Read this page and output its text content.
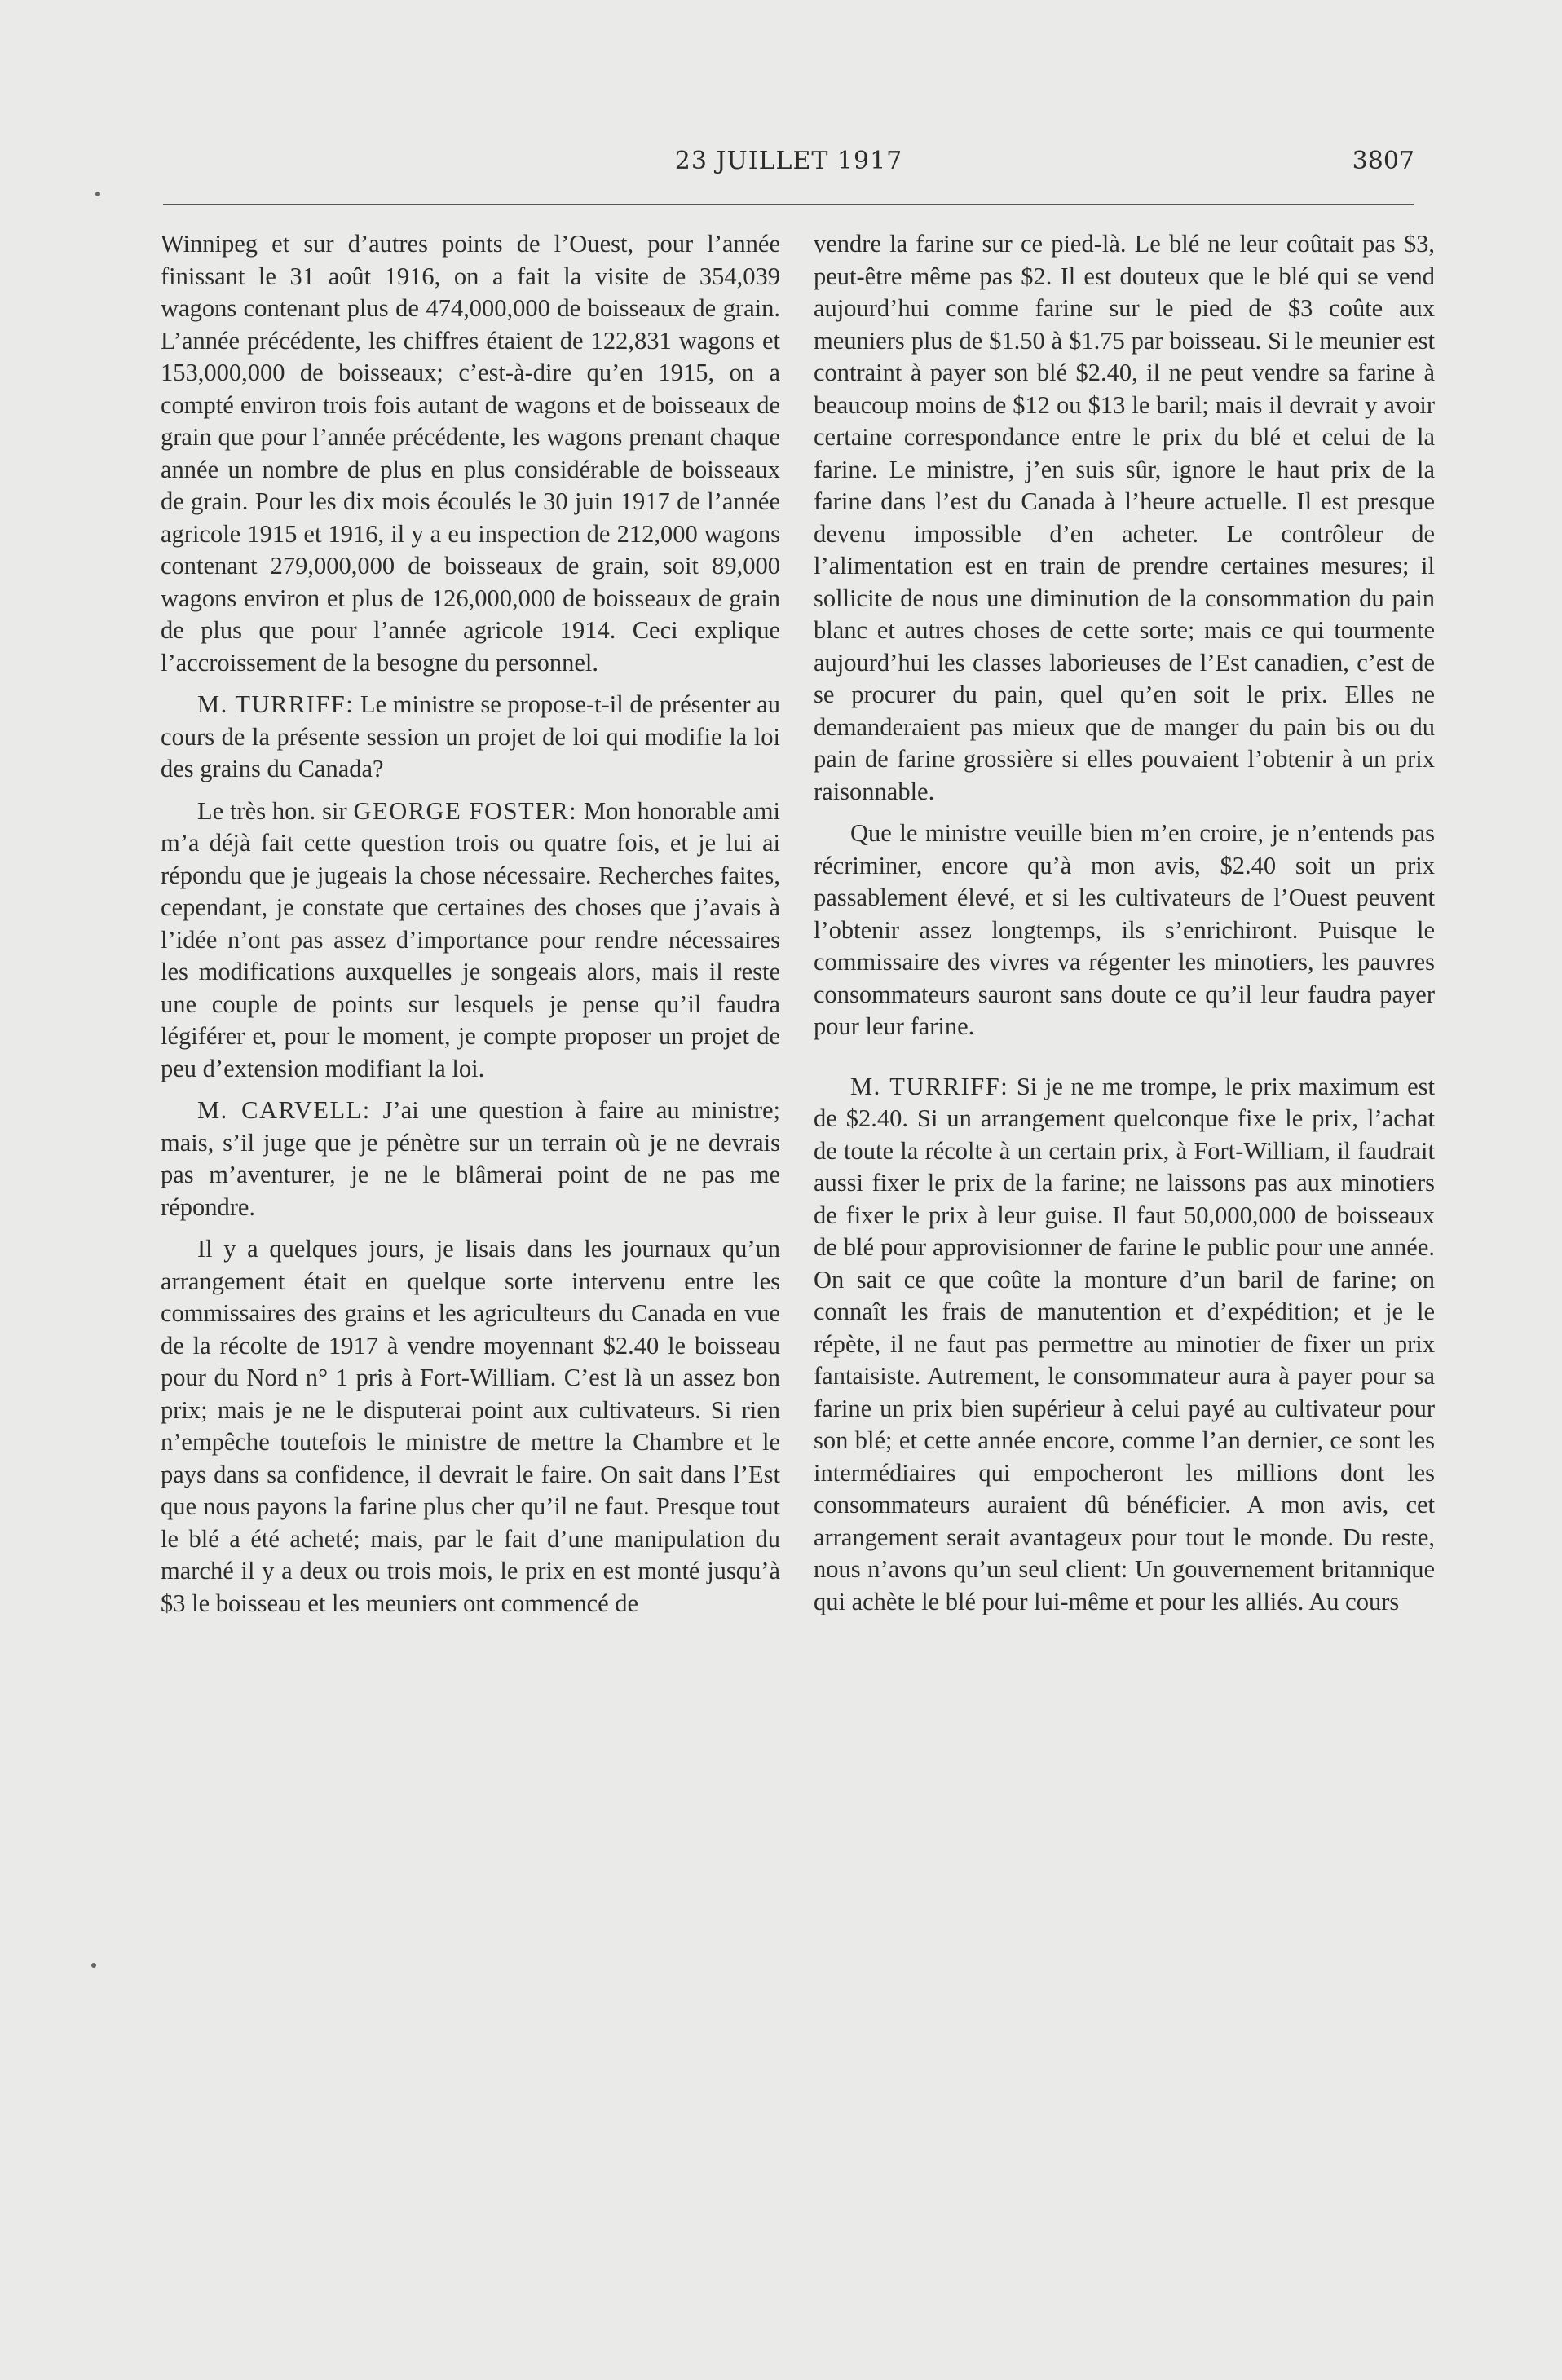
23 JUILLET 1917	3807

Winnipeg et sur d’autres points de l’Ouest, pour l’année finissant le 31 août 1916, on a fait la visite de 354,039 wagons contenant plus de 474,000,000 de boisseaux de grain. L’année précédente, les chiffres étaient de 122,831 wagons et 153,000,000 de boisseaux; c’est-à-dire qu’en 1915, on a compté environ trois fois autant de wagons et de boisseaux de grain que pour l’année précédente, les wagons prenant chaque année un nombre de plus en plus considérable de boisseaux de grain. Pour les dix mois écoulés le 30 juin 1917 de l’année agricole 1915 et 1916, il y a eu inspection de 212,000 wagons contenant 279,000,000 de boisseaux de grain, soit 89,000 wagons environ et plus de 126,000,000 de boisseaux de grain de plus que pour l’année agricole 1914. Ceci explique l’accroissement de la besogne du personnel.

M. TURRIFF: Le ministre se propose-t-il de présenter au cours de la présente session un projet de loi qui modifie la loi des grains du Canada?

Le très hon. sir GEORGE FOSTER: Mon honorable ami m’a déjà fait cette question trois ou quatre fois, et je lui ai répondu que je jugeais la chose nécessaire. Recherches faites, cependant, je constate que certaines des choses que j’avais à l’idée n’ont pas assez d’importance pour rendre nécessaires les modifications auxquelles je songeais alors, mais il reste une couple de points sur lesquels je pense qu’il faudra légiférer et, pour le moment, je compte proposer un projet de peu d’extension modifiant la loi.

M. CARVELL: J’ai une question à faire au ministre; mais, s’il juge que je pénètre sur un terrain où je ne devrais pas m’aventurer, je ne le blâmerai point de ne pas me répondre.

Il y a quelques jours, je lisais dans les journaux qu’un arrangement était en quelque sorte intervenu entre les commissaires des grains et les agriculteurs du Canada en vue de la récolte de 1917 à vendre moyennant $2.40 le boisseau pour du Nord n° 1 pris à Fort-William. C’est là un assez bon prix; mais je ne le disputerai point aux cultivateurs. Si rien n’empêche toutefois le ministre de mettre la Chambre et le pays dans sa confidence, il devrait le faire. On sait dans l’Est que nous payons la farine plus cher qu’il ne faut. Presque tout le blé a été acheté; mais, par le fait d’une manipulation du marché il y a deux ou trois mois, le prix en est monté jusqu’à $3 le boisseau et les meuniers ont commencé de

vendre la farine sur ce pied-là. Le blé ne leur coûtait pas $3, peut-être même pas $2. Il est douteux que le blé qui se vend aujourd’hui comme farine sur le pied de $3 coûte aux meuniers plus de $1.50 à $1.75 par boisseau. Si le meunier est contraint à payer son blé $2.40, il ne peut vendre sa farine à beaucoup moins de $12 ou $13 le baril; mais il devrait y avoir certaine correspondance entre le prix du blé et celui de la farine. Le ministre, j’en suis sûr, ignore le haut prix de la farine dans l’est du Canada à l’heure actuelle. Il est presque devenu impossible d’en acheter. Le contrôleur de l’alimentation est en train de prendre certaines mesures; il sollicite de nous une diminution de la consommation du pain blanc et autres choses de cette sorte; mais ce qui tourmente aujourd’hui les classes laborieuses de l’Est canadien, c’est de se procurer du pain, quel qu’en soit le prix. Elles ne demanderaient pas mieux que de manger du pain bis ou du pain de farine grossière si elles pouvaient l’obtenir à un prix raisonnable.

Que le ministre veuille bien m’en croire, je n’entends pas récriminer, encore qu’à mon avis, $2.40 soit un prix passablement élevé, et si les cultivateurs de l’Ouest peuvent l’obtenir assez longtemps, ils s’enrichiront. Puisque le commissaire des vivres va régenter les minotiers, les pauvres consommateurs sauront sans doute ce qu’il leur faudra payer pour leur farine.

M. TURRIFF: Si je ne me trompe, le prix maximum est de $2.40. Si un arrangement quelconque fixe le prix, l’achat de toute la récolte à un certain prix, à Fort-William, il faudrait aussi fixer le prix de la farine; ne laissons pas aux minotiers de fixer le prix à leur guise. Il faut 50,000,000 de boisseaux de blé pour approvisionner de farine le public pour une année. On sait ce que coûte la monture d’un baril de farine; on connaît les frais de manutention et d’expédition; et je le répète, il ne faut pas permettre au minotier de fixer un prix fantaisiste. Autrement, le consommateur aura à payer pour sa farine un prix bien supérieur à celui payé au cultivateur pour son blé; et cette année encore, comme l’an dernier, ce sont les intermédiaires qui empocheront les millions dont les consommateurs auraient dû bénéficier. A mon avis, cet arrangement serait avantageux pour tout le monde. Du reste, nous n’avons qu’un seul client: Un gouvernement britannique qui achète le blé pour lui-même et pour les alliés. Au cours
